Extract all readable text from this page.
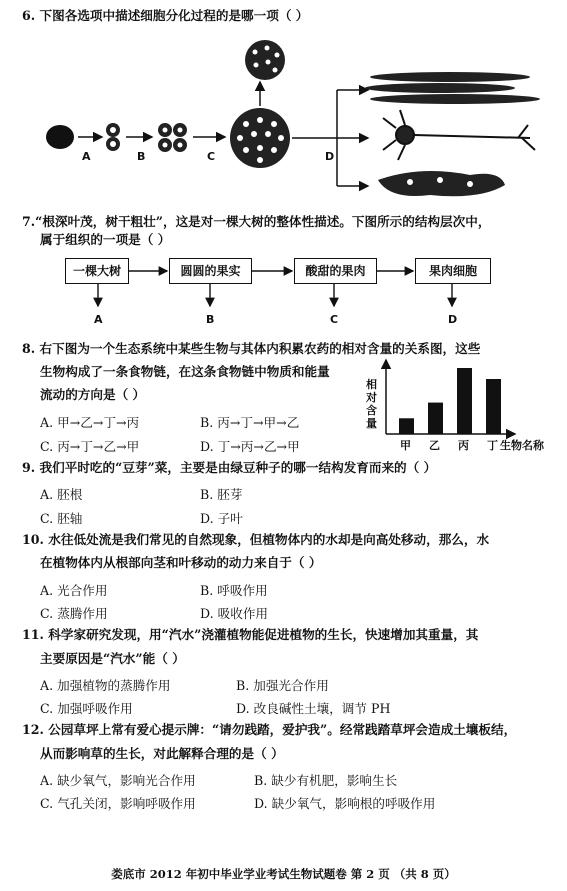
6. 下图各选项中描述细胞分化过程的是哪一项（ ）
A	B	C	D
7.“根深叶茂，树干粗壮”，这是对一棵大树的整体性描述。下图所示的结构层次中，
属于组织的一项是（ ）
一棵大树	圆圆的果实	酸甜的果肉	果肉细胞
A	B	C	D
8. 右下图为一个生态系统中某些生物与其体内积累农药的相对含量的关系图，这些
生物构成了一条食物链，在这条食物链中物质和能量
流动的方向是（ ）
A. 甲→乙→丁→丙	B. 丙→丁→甲→乙
C. 丙→丁→乙→甲	D. 丁→丙→乙→甲
相对含量
甲 乙 丙 丁 生物名称
9. 我们平时吃的“豆芽”菜，主要是由绿豆种子的哪一结构发育而来的（ ）
A. 胚根	B. 胚芽
C. 胚轴	D. 子叶
10. 水往低处流是我们常见的自然现象，但植物体内的水却是向高处移动，那么，水
在植物体内从根部向茎和叶移动的动力来自于（ ）
A. 光合作用	B. 呼吸作用
C. 蒸腾作用	D. 吸收作用
11. 科学家研究发现，用“汽水”浇灌植物能促进植物的生长，快速增加其重量，其
主要原因是“汽水”能（ ）
A. 加强植物的蒸腾作用	B. 加强光合作用
C. 加强呼吸作用	D. 改良碱性土壤，调节 PH
12. 公园草坪上常有爱心提示牌：“请勿践踏，爱护我”。经常践踏草坪会造成土壤板结，
从而影响草的生长，对此解释合理的是（ ）
A. 缺少氧气，影响光合作用	B. 缺少有机肥，影响生长
C. 气孔关闭，影响呼吸作用	D. 缺少氧气，影响根的呼吸作用
娄底市 2012 年初中毕业学业考试生物试题卷 第 2 页 （共 8 页）
